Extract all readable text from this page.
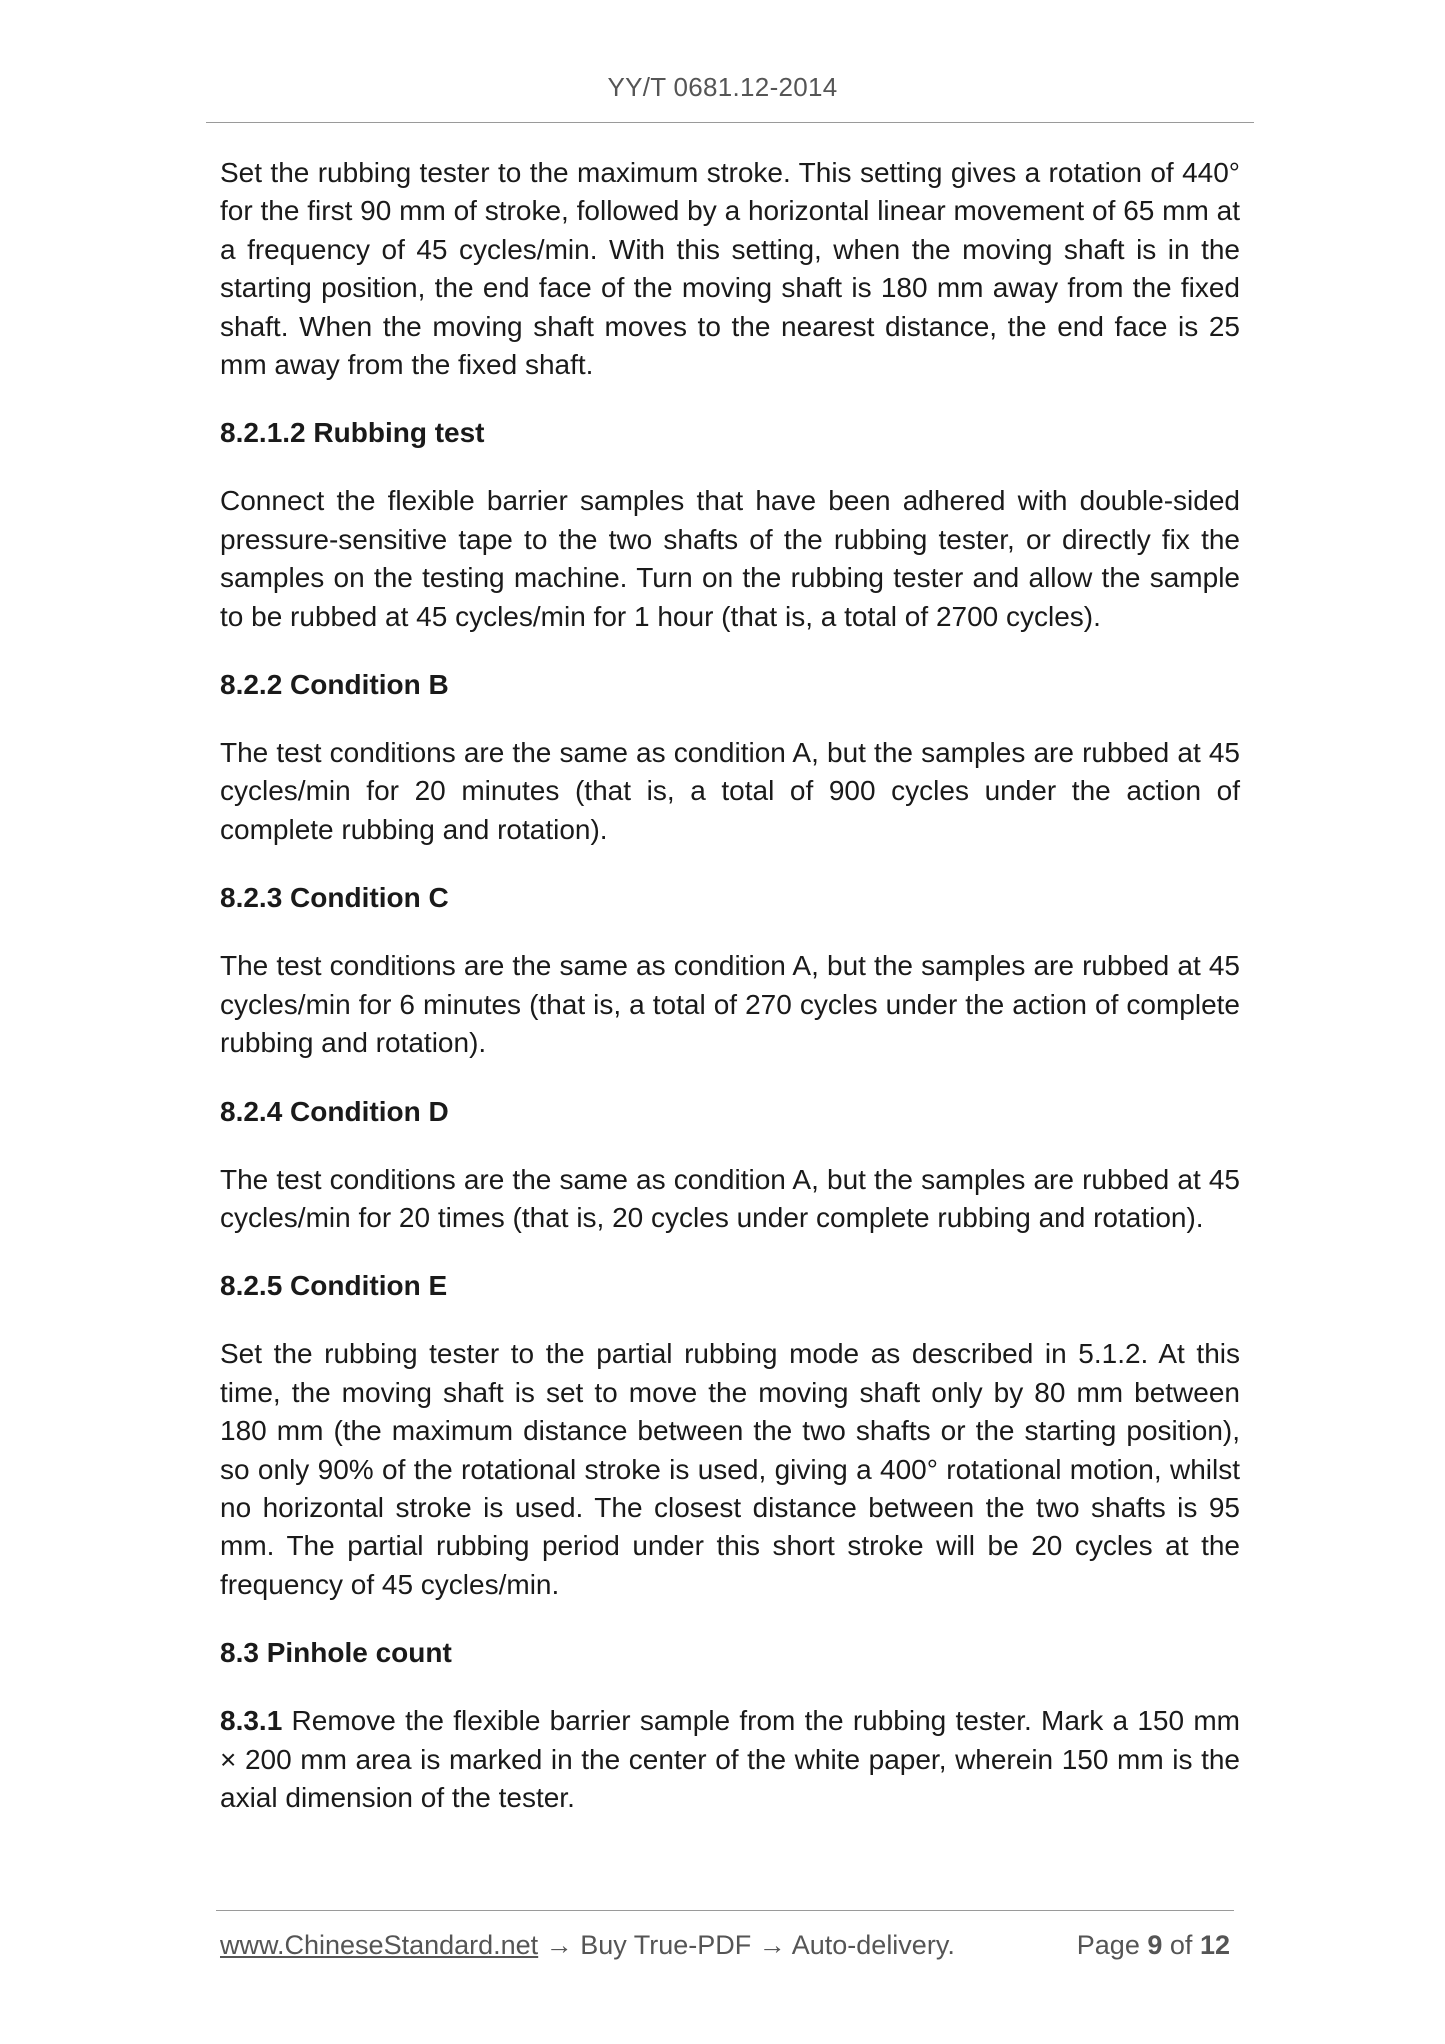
YY/T 0681.12-2014

Set the rubbing tester to the maximum stroke. This setting gives a rotation of 440° for the first 90 mm of stroke, followed by a horizontal linear movement of 65 mm at a frequency of 45 cycles/min. With this setting, when the moving shaft is in the starting position, the end face of the moving shaft is 180 mm away from the fixed shaft. When the moving shaft moves to the nearest distance, the end face is 25 mm away from the fixed shaft.

8.2.1.2 Rubbing test

Connect the flexible barrier samples that have been adhered with double-sided pressure-sensitive tape to the two shafts of the rubbing tester, or directly fix the samples on the testing machine. Turn on the rubbing tester and allow the sample to be rubbed at 45 cycles/min for 1 hour (that is, a total of 2700 cycles).

8.2.2 Condition B

The test conditions are the same as condition A, but the samples are rubbed at 45 cycles/min for 20 minutes (that is, a total of 900 cycles under the action of complete rubbing and rotation).

8.2.3 Condition C

The test conditions are the same as condition A, but the samples are rubbed at 45 cycles/min for 6 minutes (that is, a total of 270 cycles under the action of complete rubbing and rotation).

8.2.4 Condition D

The test conditions are the same as condition A, but the samples are rubbed at 45 cycles/min for 20 times (that is, 20 cycles under complete rubbing and rotation).

8.2.5 Condition E

Set the rubbing tester to the partial rubbing mode as described in 5.1.2. At this time, the moving shaft is set to move the moving shaft only by 80 mm between 180 mm (the maximum distance between the two shafts or the starting position), so only 90% of the rotational stroke is used, giving a 400° rotational motion, whilst no horizontal stroke is used. The closest distance between the two shafts is 95 mm. The partial rubbing period under this short stroke will be 20 cycles at the frequency of 45 cycles/min.

8.3 Pinhole count

8.3.1 Remove the flexible barrier sample from the rubbing tester. Mark a 150 mm × 200 mm area is marked in the center of the white paper, wherein 150 mm is the axial dimension of the tester.

www.ChineseStandard.net → Buy True-PDF → Auto-delivery.	Page 9 of 12
